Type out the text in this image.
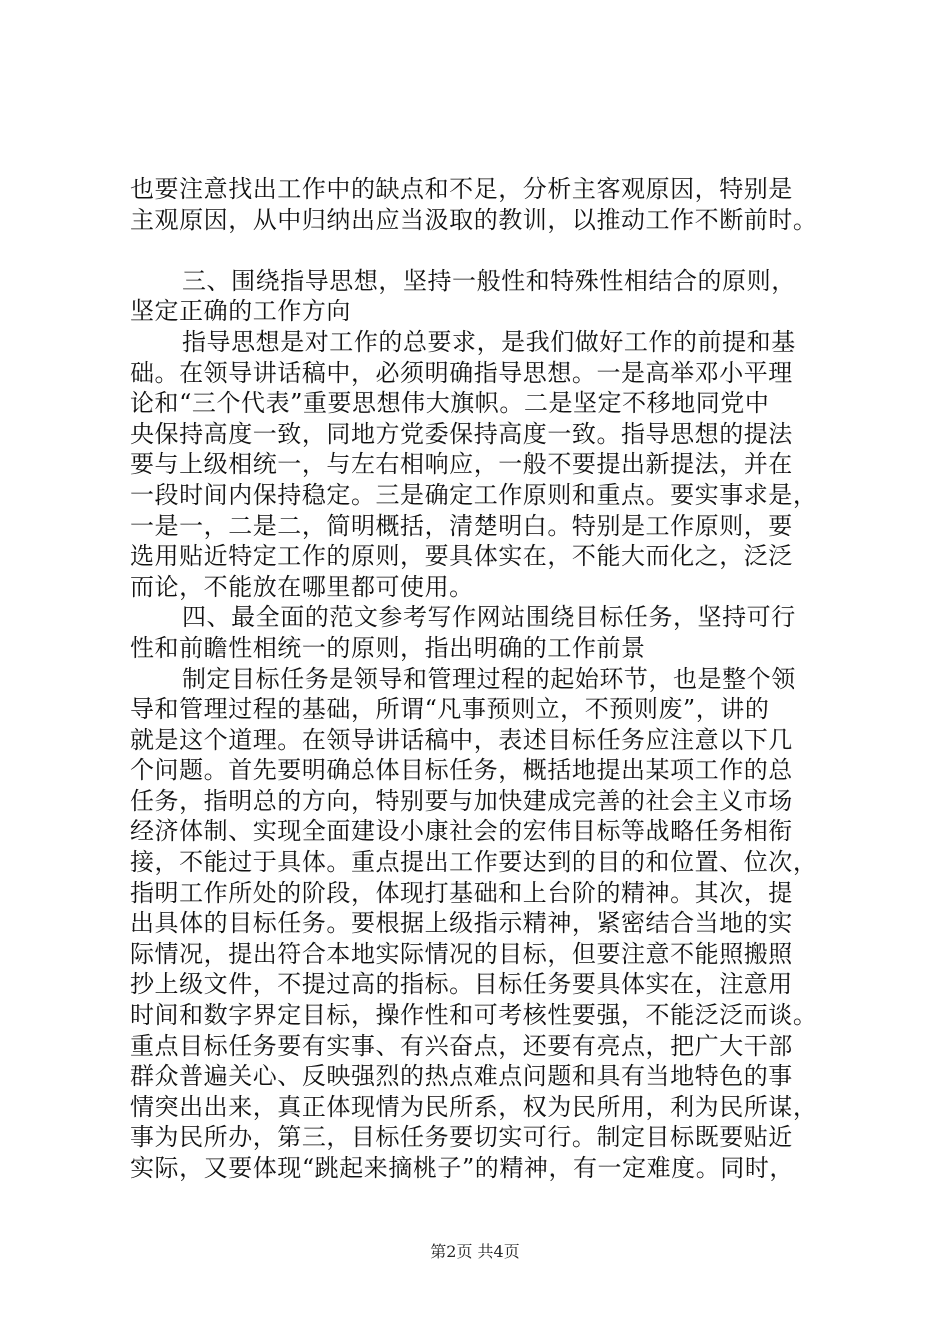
也要注意找出工作中的缺点和不足，分析主客观原因，特别是
主观原因，从中归纳出应当汲取的教训，以推动工作不断前时。
三、围绕指导思想，坚持一般性和特殊性相结合的原则，
坚定正确的工作方向
指导思想是对工作的总要求，是我们做好工作的前提和基
础。在领导讲话稿中，必须明确指导思想。一是高举邓小平理
论和“三个代表”重要思想伟大旗帜。二是坚定不移地同党中
央保持高度一致，同地方党委保持高度一致。指导思想的提法
要与上级相统一，与左右相响应，一般不要提出新提法，并在
一段时间内保持稳定。三是确定工作原则和重点。要实事求是，
一是一，二是二，简明概括，清楚明白。特别是工作原则，要
选用贴近特定工作的原则，要具体实在，不能大而化之，泛泛
而论，不能放在哪里都可使用。
四、最全面的范文参考写作网站围绕目标任务，坚持可行
性和前瞻性相统一的原则，指出明确的工作前景
制定目标任务是领导和管理过程的起始环节，也是整个领
导和管理过程的基础，所谓“凡事预则立，不预则废”，讲的
就是这个道理。在领导讲话稿中，表述目标任务应注意以下几
个问题。首先要明确总体目标任务，概括地提出某项工作的总
任务，指明总的方向，特别要与加快建成完善的社会主义市场
经济体制、实现全面建设小康社会的宏伟目标等战略任务相衔
接，不能过于具体。重点提出工作要达到的目的和位置、位次，
指明工作所处的阶段，体现打基础和上台阶的精神。其次，提
出具体的目标任务。要根据上级指示精神，紧密结合当地的实
际情况，提出符合本地实际情况的目标，但要注意不能照搬照
抄上级文件，不提过高的指标。目标任务要具体实在，注意用
时间和数字界定目标，操作性和可考核性要强，不能泛泛而谈。
重点目标任务要有实事、有兴奋点，还要有亮点，把广大干部
群众普遍关心、反映强烈的热点难点问题和具有当地特色的事
情突出出来，真正体现情为民所系，权为民所用，利为民所谋，
事为民所办，第三，目标任务要切实可行。制定目标既要贴近
实际，又要体现“跳起来摘桃子”的精神，有一定难度。同时，
第2页 共4页
